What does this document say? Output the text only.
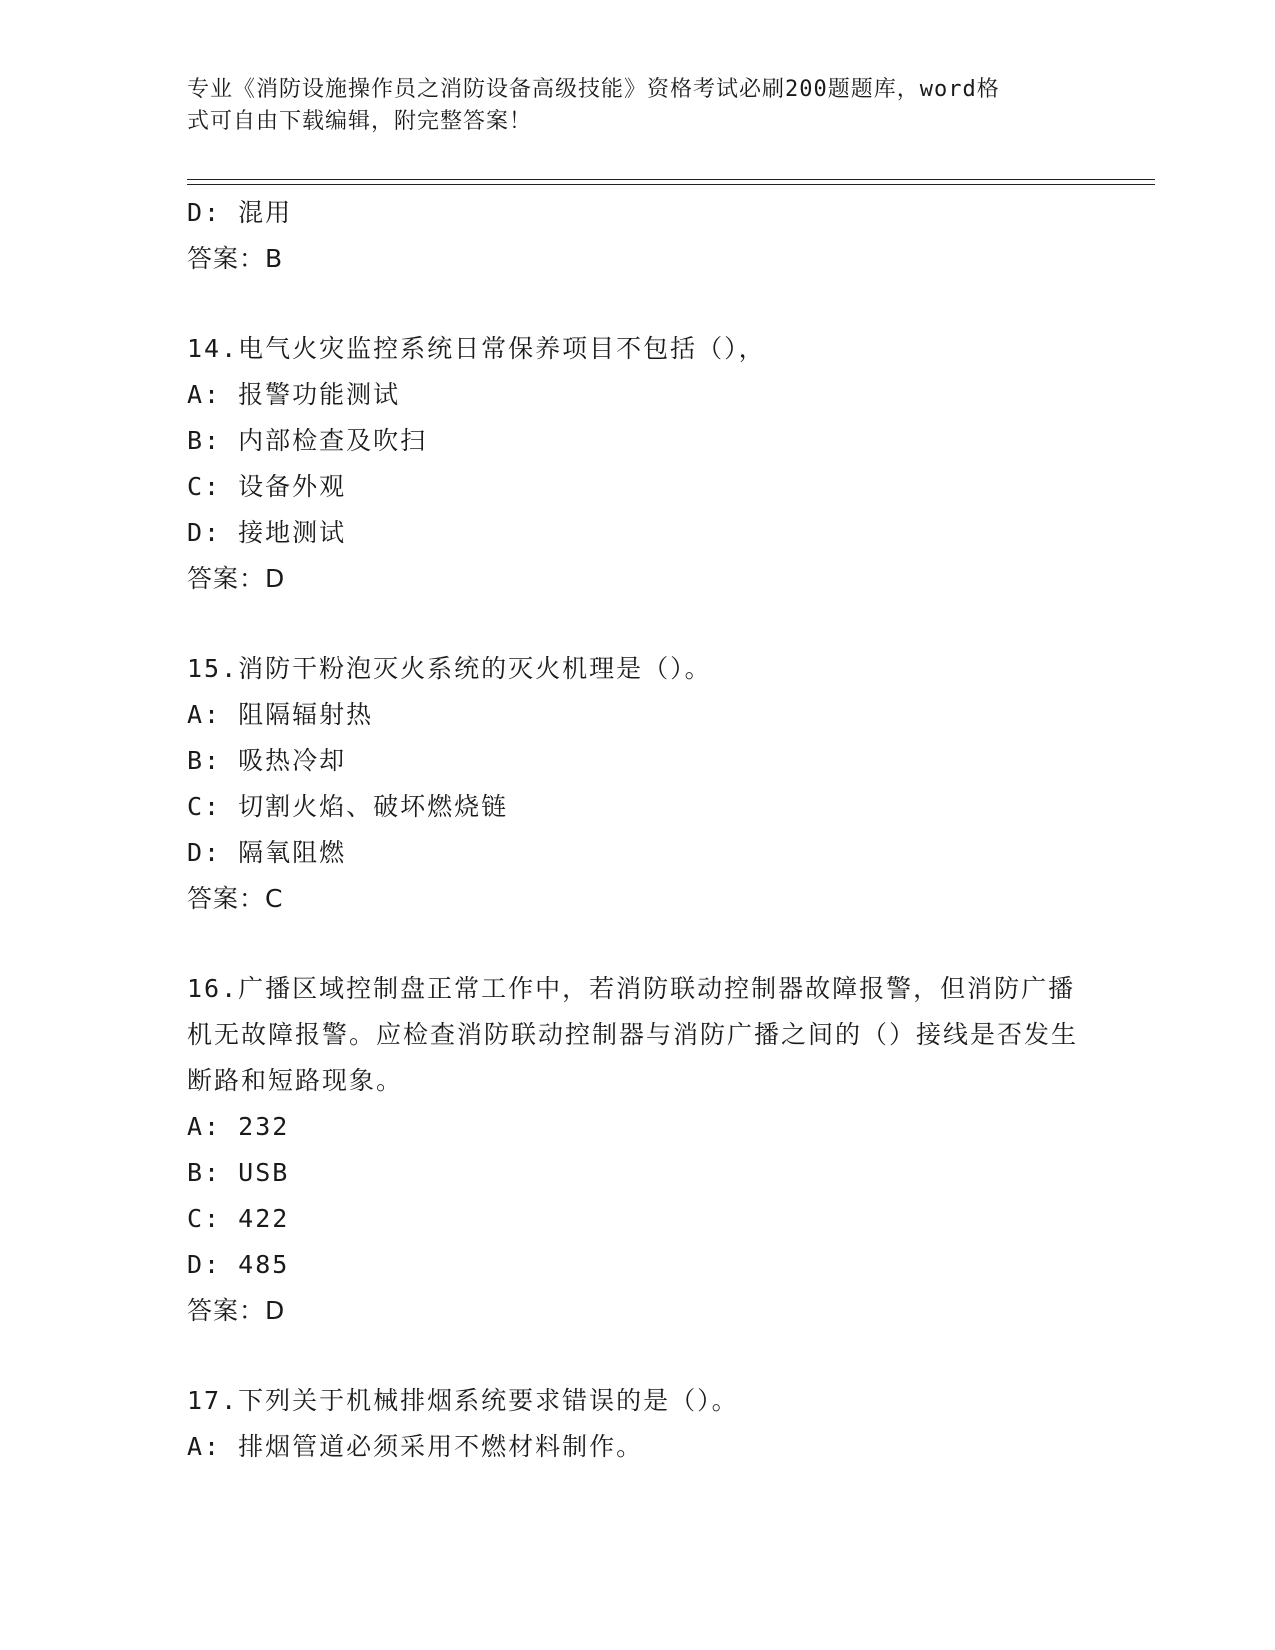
专业《消防设施操作员之消防设备高级技能》资格考试必刷200题题库，word格
式可自由下载编辑，附完整答案！
D: 混用
答案：B
14.电气火灾监控系统日常保养项目不包括（），
A: 报警功能测试
B: 内部检查及吹扫
C: 设备外观
D: 接地测试
答案：D
15.消防干粉泡灭火系统的灭火机理是（）。
A: 阻隔辐射热
B: 吸热冷却
C: 切割火焰、破坏燃烧链
D: 隔氧阻燃
答案：C
16.广播区域控制盘正常工作中，若消防联动控制器故障报警，但消防广播机无故障报警。应检查消防联动控制器与消防广播之间的（）接线是否发生断路和短路现象。
A: 232
B: USB
C: 422
D: 485
答案：D
17.下列关于机械排烟系统要求错误的是（）。
A: 排烟管道必须采用不燃材料制作。
